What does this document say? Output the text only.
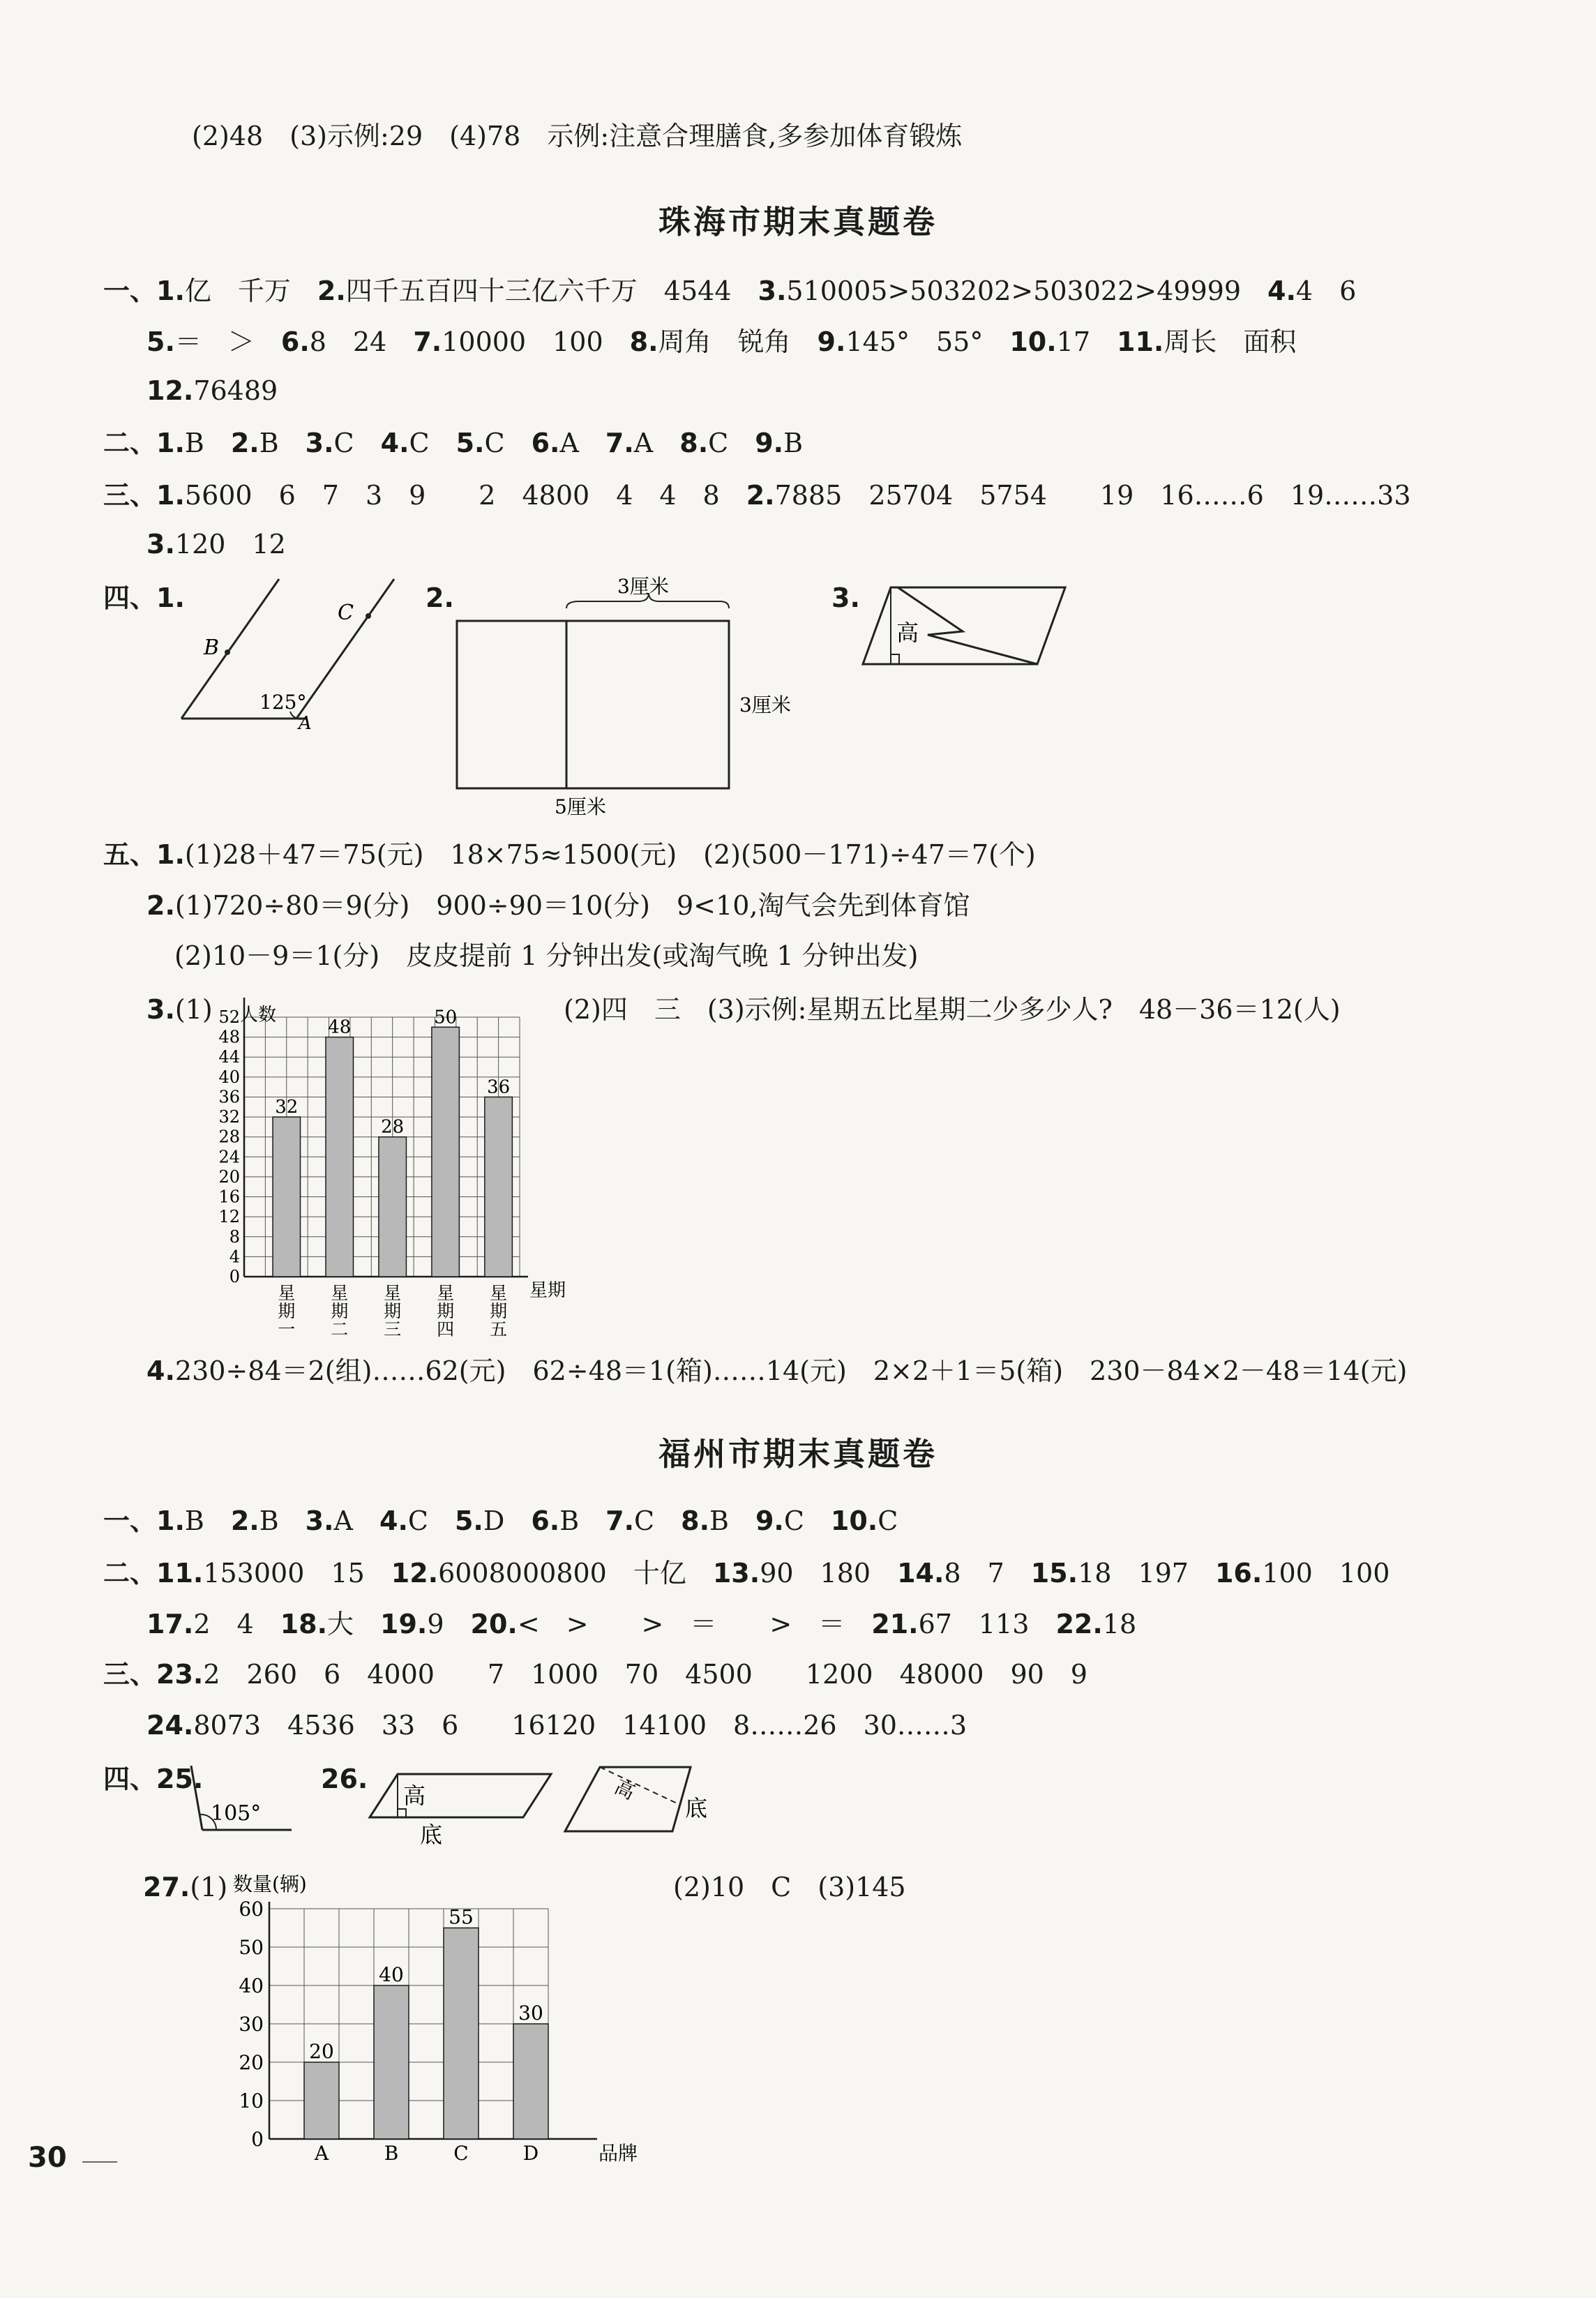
(2)48　(3)示例:29　(4)78　示例:注意合理膳食,多参加体育锻炼
珠海市期末真题卷
一、1.亿　千万　2.四千五百四十三亿六千万　4544　3.510005>503202>503022>49999　4.4　6
5.＝　＞　6.8　24　7.10000　100　8.周角　锐角　9.145°　55°　10.17　11.周长　面积
12.76489
二、1.B　2.B　3.C　4.C　5.C　6.A　7.A　8.C　9.B
三、1.5600　6　7　3　9　　2　4800　4　4　8　2.7885　25704　5754　　19　16……6　19……33
3.120　12
四、1.	2.	3.
B
C
125°
A
3厘米
3厘米
5厘米
高
五、1.(1)28＋47＝75(元)　18×75≈1500(元)　(2)(500－171)÷47＝7(个)
2.(1)720÷80＝9(分)　900÷90＝10(分)　9<10,淘气会先到体育馆
(2)10－9＝1(分)　皮皮提前 1 分钟出发(或淘气晚 1 分钟出发)
3.(1)	(2)四　三　(3)示例:星期五比星期二少多少人?　48－36＝12(人)
0
4
8
12
16
20
24
28
32
36
40
44
48
52 人数
星期
32
星
期
一
48
星
期
二
28
星
期
三
50
星
期
四
36
星
期
五
4.230÷84＝2(组)……62(元)　62÷48＝1(箱)……14(元)　2×2＋1＝5(箱)　230－84×2－48＝14(元)
福州市期末真题卷
一、1.B　2.B　3.A　4.C　5.D　6.B　7.C　8.B　9.C　10.C
二、11.153000　15　12.6008000800　十亿　13.90　180　14.8　7　15.18　197　16.100　100
17.2　4　18.大　19.9　20.<　>　　>　＝　　>　＝　21.67　113　22.18
三、23.2　260　6　4000　　7　1000　70　4500　　1200　48000　90　9
24.8073　4536　33　6　　16120　14100　8……26　30……3
四、25.	26.
105°
高
底
高
底
27.(1)	(2)10　C　(3)145
0
10
20
30
40
50
60
数量(辆)
品牌
20
A
40
B
55
C
30
D
30
